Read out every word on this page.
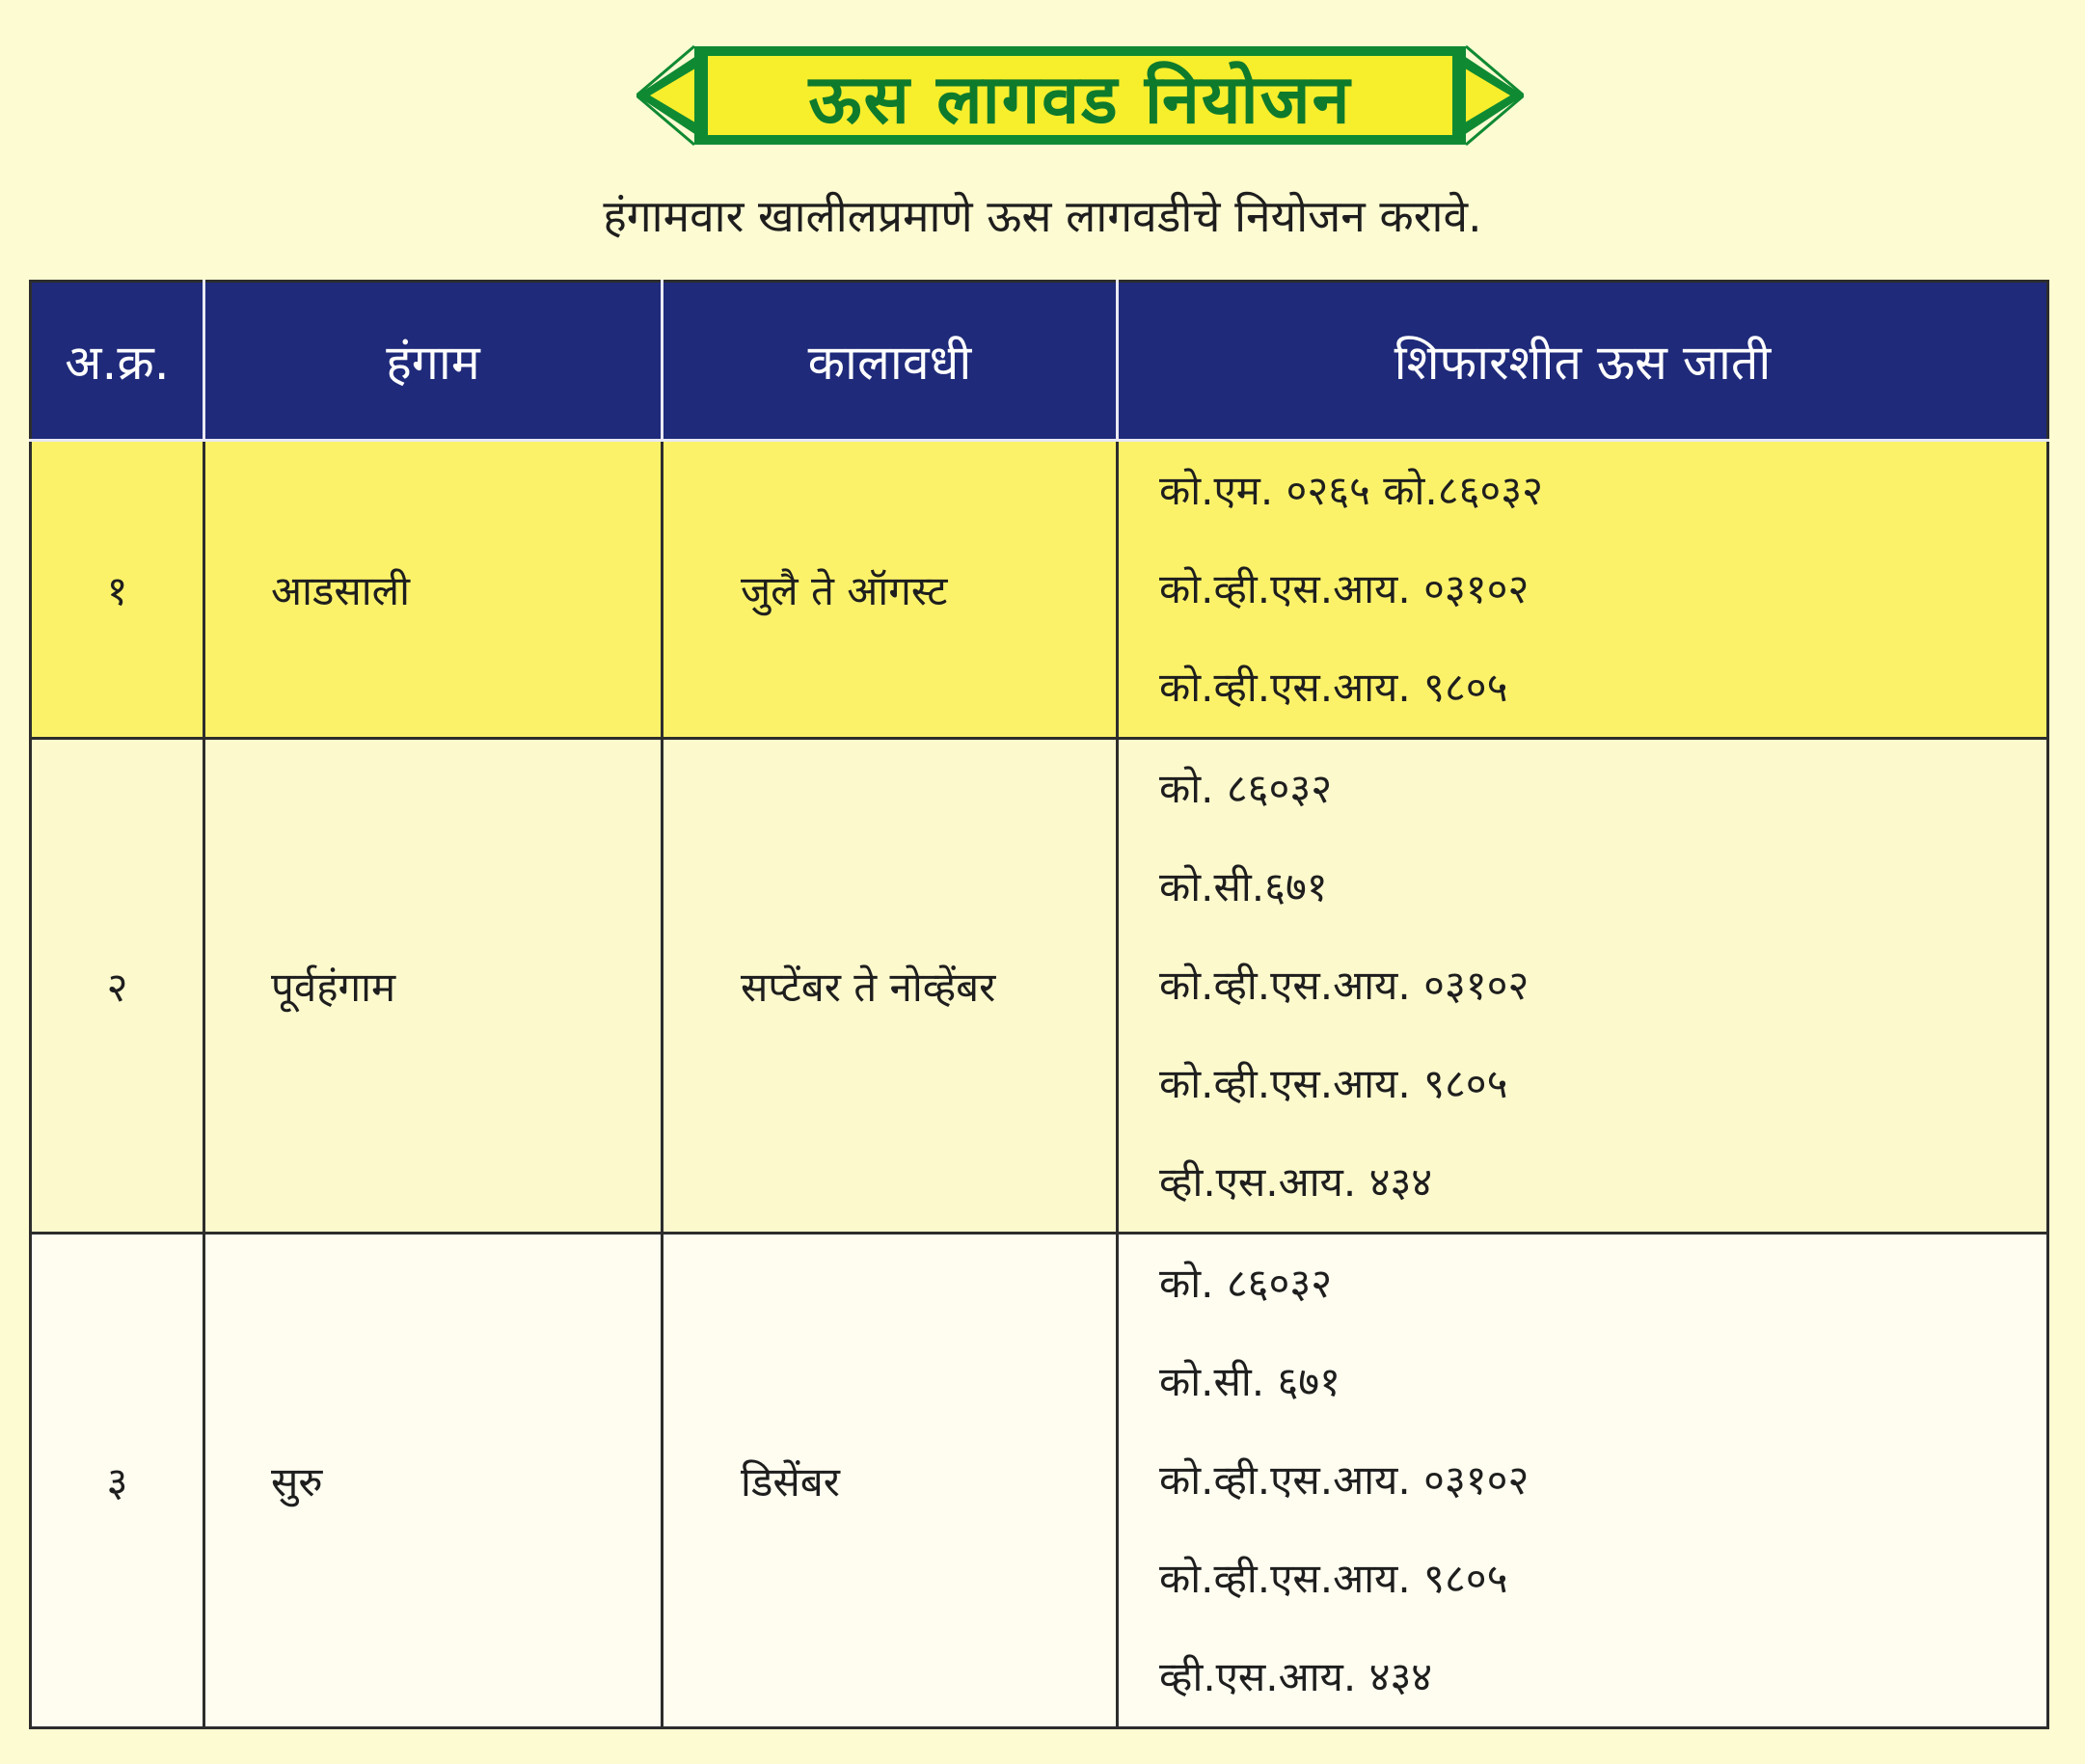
ऊस लागवड नियोजन
हंगामवार खालीलप्रमाणे ऊस लागवडीचे नियोजन करावे.
अ.क्र.	हंगाम	कालावधी	शिफारशीत ऊस जाती
१	आडसाली	जुलै ते ऑगस्ट	को.एम. ०२६५ को.८६०३२
को.व्ही.एस.आय. ०३१०२
को.व्ही.एस.आय. ९८०५

२	पूर्वहंगाम	सप्टेंबर ते नोव्हेंबर	को. ८६०३२
को.सी.६७१
को.व्ही.एस.आय. ०३१०२
को.व्ही.एस.आय. ९८०५
व्ही.एस.आय. ४३४

३	सुरु	डिसेंबर	को. ८६०३२
को.सी. ६७१
को.व्ही.एस.आय. ०३१०२
को.व्ही.एस.आय. ९८०५
व्ही.एस.आय. ४३४
